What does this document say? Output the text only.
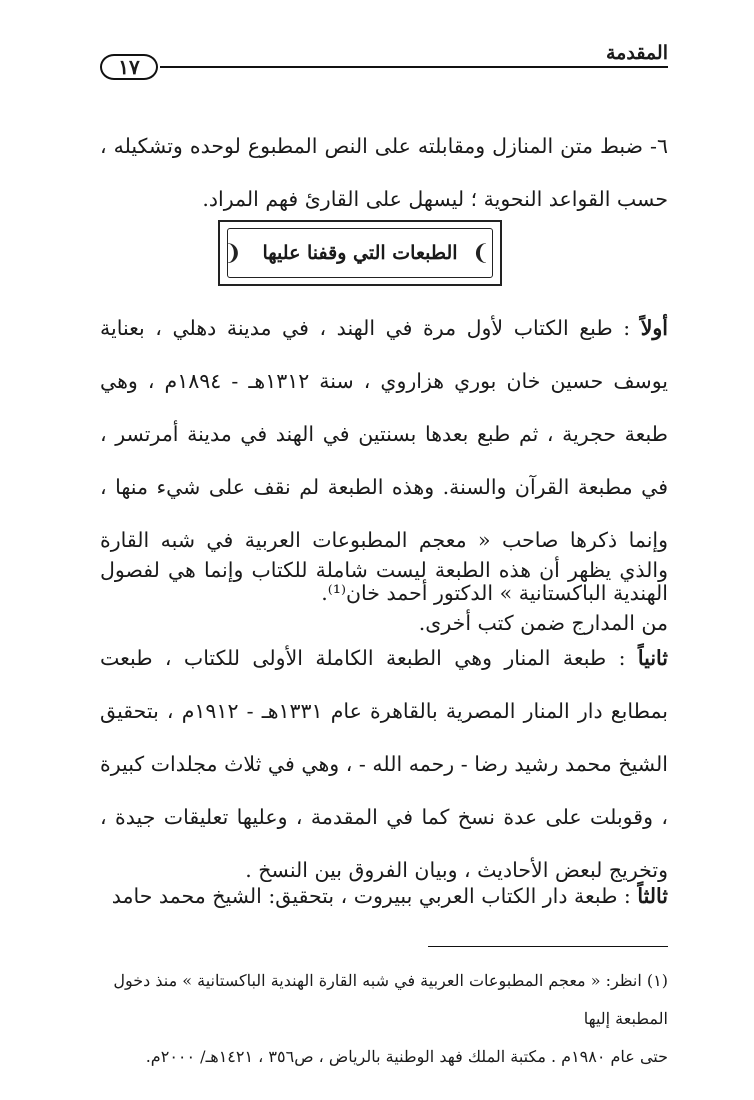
المقدمة
١٧

٦- ضبط متن المنازل ومقابلته على النص المطبوع لوحده وتشكيله ، حسب القواعد النحوية ؛ ليسهل على القارئ فهم المراد.

❨	❩
الطبعات التي وقفنا عليها

أولاً : طبع الكتاب لأول مرة في الهند ، في مدينة دهلي ، بعناية يوسف حسين خان بوري هزاروي ، سنة ١٣١٢هـ - ١٨٩٤م ، وهي طبعة حجرية ، ثم طبع بعدها بسنتين في الهند في مدينة أمرتسر ، في مطبعة القرآن والسنة. وهذه الطبعة لم نقف على شيء منها ، وإنما ذكرها صاحب « معجم المطبوعات العربية في شبه القارة الهندية الباكستانية » الدكتور أحمد خان⁽¹⁾.

والذي يظهر أن هذه الطبعة ليست شاملة للكتاب وإنما هي لفصول من المدارج ضمن كتب أخرى.

ثانياً : طبعة المنار وهي الطبعة الكاملة الأولى للكتاب ، طبعت بمطابع دار المنار المصرية بالقاهرة عام ١٣٣١هـ - ١٩١٢م ، بتحقيق الشيخ محمد رشيد رضا - رحمه الله - ، وهي في ثلاث مجلدات كبيرة ، وقوبلت على عدة نسخ كما في المقدمة ، وعليها تعليقات جيدة ، وتخريج لبعض الأحاديث ، وبيان الفروق بين النسخ .

ثالثاً : طبعة دار الكتاب العربي ببيروت ، بتحقيق: الشيخ محمد حامد

(١) انظر: « معجم المطبوعات العربية في شبه القارة الهندية الباكستانية » منذ دخول المطبعة إليها

حتى عام ١٩٨٠م . مكتبة الملك فهد الوطنية بالرياض ، ص٣٥٦ ، ١٤٢١هـ/ ٢٠٠٠م.
